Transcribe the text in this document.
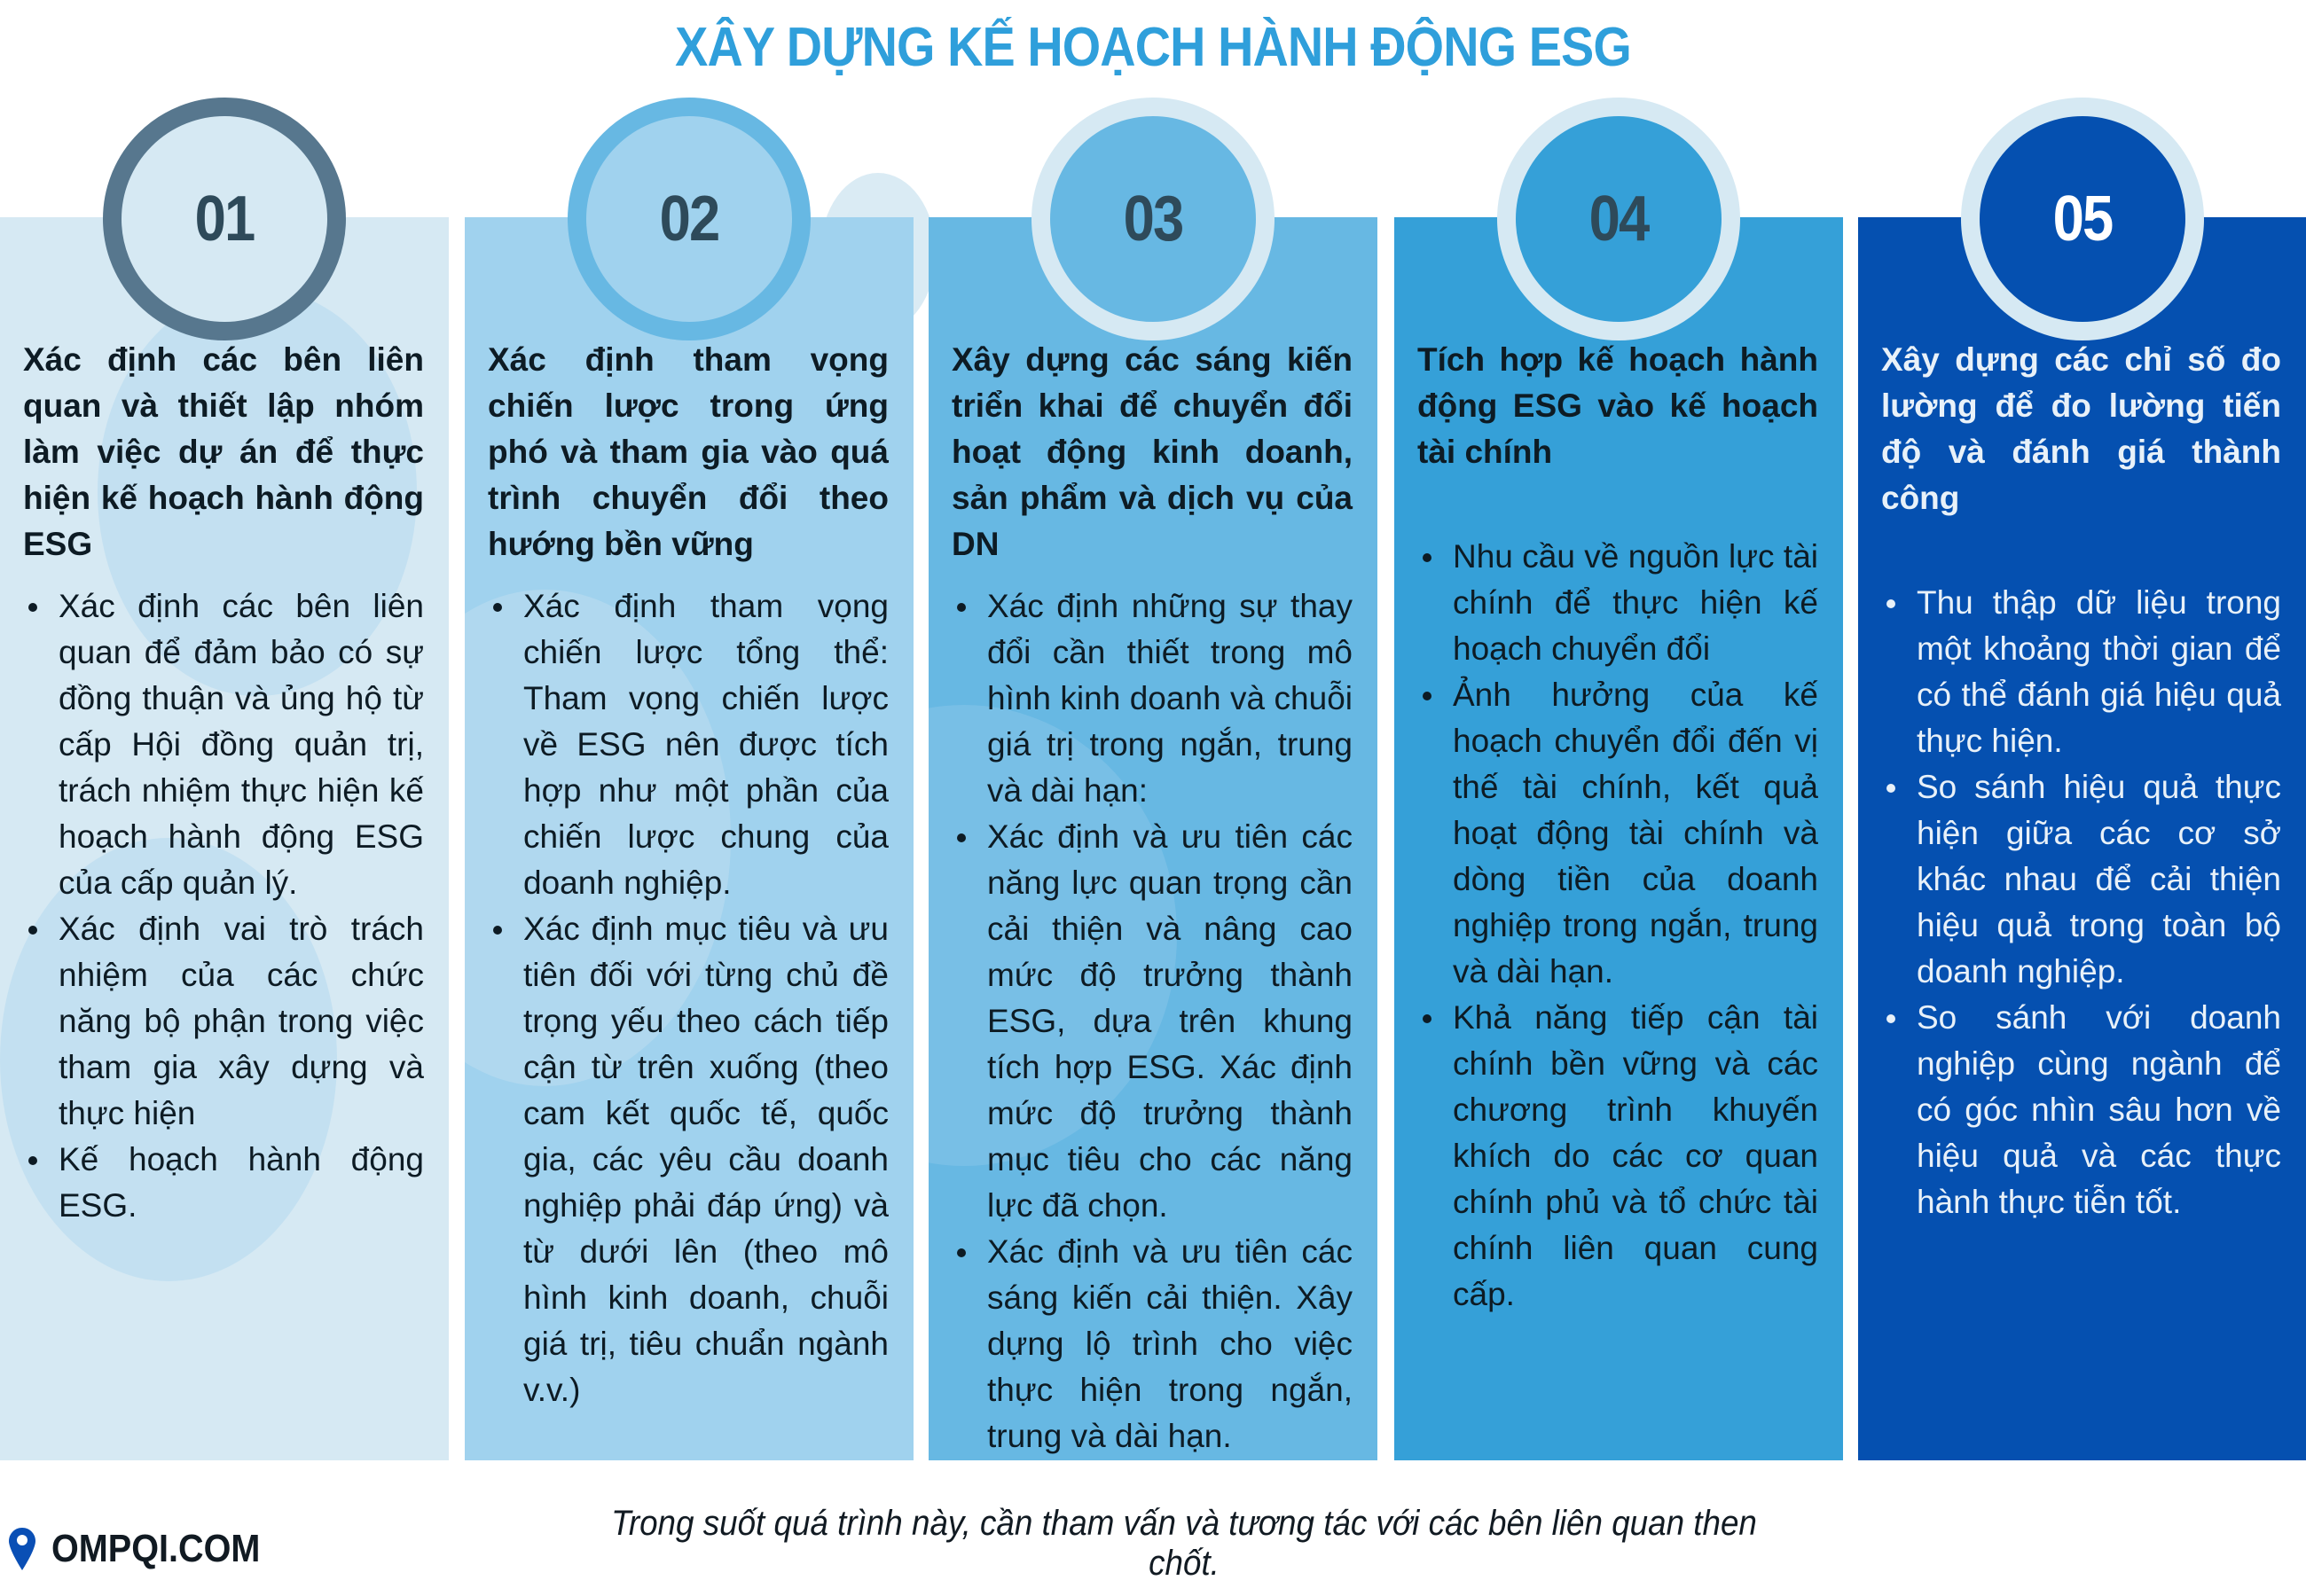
XÂY DỰNG KẾ HOẠCH HÀNH ĐỘNG ESG
Xác định các bên liên quan và thiết lập nhóm làm việc dự án để thực hiện kế hoạch hành động ESG
Xác định các bên liên quan để đảm bảo có sự đồng thuận và ủng hộ từ cấp Hội đồng quản trị, trách nhiệm thực hiện kế hoạch hành động ESG của cấp quản lý.
Xác định vai trò trách nhiệm của các chức năng bộ phận trong việc tham gia xây dựng và thực hiện
Kế hoạch hành động ESG.
Xác định tham vọng chiến lược trong ứng phó và tham gia vào quá trình chuyển đổi theo hướng bền vững
Xác định tham vọng chiến lược tổng thể: Tham vọng chiến lược về ESG nên được tích hợp như một phần của chiến lược chung của doanh nghiệp.
Xác định mục tiêu và ưu tiên đối với từng chủ đề trọng yếu theo cách tiếp cận từ trên xuống (theo cam kết quốc tế, quốc gia, các yêu cầu doanh nghiệp phải đáp ứng) và từ dưới lên (theo mô hình kinh doanh, chuỗi giá trị, tiêu chuẩn ngành v.v.)
Xây dựng các sáng kiến triển khai để chuyển đổi hoạt động kinh doanh, sản phẩm và dịch vụ của DN
Xác định những sự thay đổi cần thiết trong mô hình kinh doanh và chuỗi giá trị trong ngắn, trung và dài hạn:
Xác định và ưu tiên các năng lực quan trọng cần cải thiện và nâng cao mức độ trưởng thành ESG, dựa trên khung tích hợp ESG. Xác định mức độ trưởng thành mục tiêu cho các năng lực đã chọn.
Xác định và ưu tiên các sáng kiến cải thiện. Xây dựng lộ trình cho việc thực hiện trong ngắn, trung và dài hạn.
Tích hợp kế hoạch hành động ESG vào kế hoạch tài chính
Nhu cầu về nguồn lực tài chính để thực hiện kế hoạch chuyển đổi
Ảnh hưởng của kế hoạch chuyển đổi đến vị thế tài chính, kết quả hoạt động tài chính và dòng tiền của doanh nghiệp trong ngắn, trung và dài hạn.
Khả năng tiếp cận tài chính bền vững và các chương trình khuyến khích do các cơ quan chính phủ và tổ chức tài chính liên quan cung cấp.
Xây dựng các chỉ số đo lường để đo lường tiến độ và đánh giá thành công
Thu thập dữ liệu trong một khoảng thời gian để có thể đánh giá hiệu quả thực hiện.
So sánh hiệu quả thực hiện giữa các cơ sở khác nhau để cải thiện hiệu quả trong toàn bộ doanh nghiệp.
So sánh với doanh nghiệp cùng ngành để có góc nhìn sâu hơn về hiệu quả và các thực hành thực tiễn tốt.
01	02	03	04	05
OMPQI.COM
Trong suốt quá trình này, cần tham vấn và tương tác với các bên liên quan then chốt.
